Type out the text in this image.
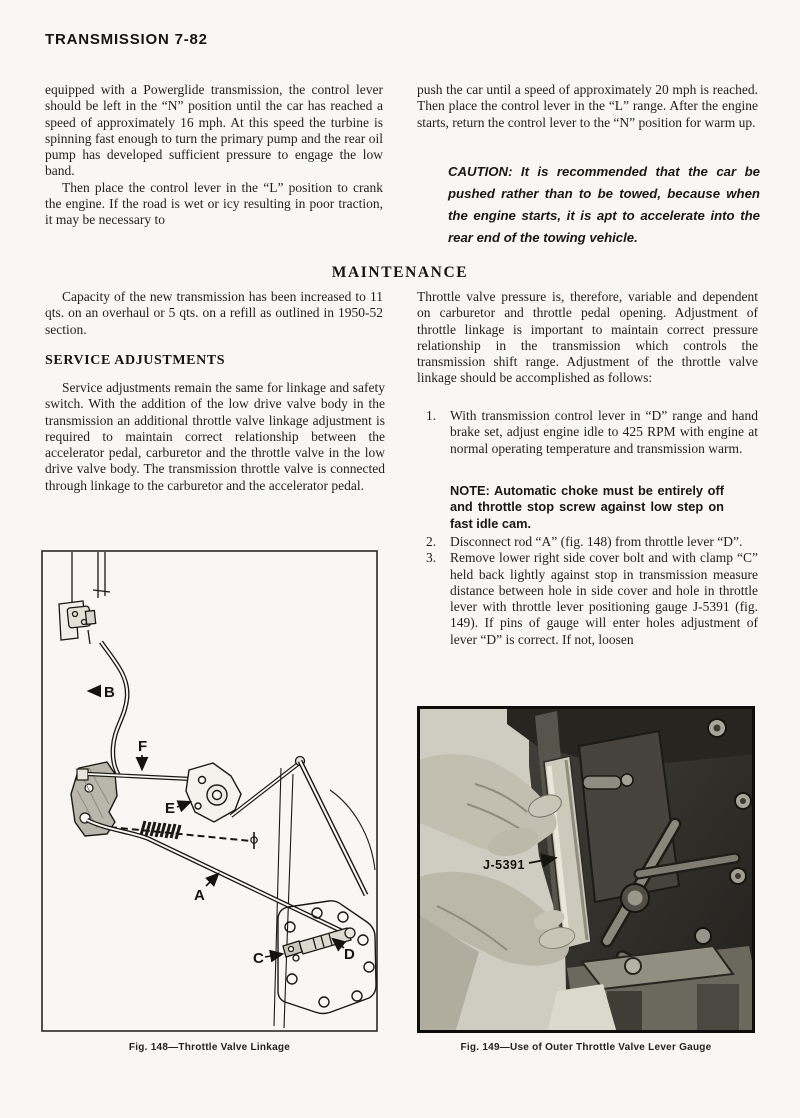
TRANSMISSION 7-82

equipped with a Powerglide transmission, the control lever should be left in the “N” position until the car has reached a speed of approximately 16 mph. At this speed the turbine is spinning fast enough to turn the primary pump and the rear oil pump has developed sufficient pressure to engage the low band.

Then place the control lever in the “L” position to crank the engine. If the road is wet or icy resulting in poor traction, it may be necessary to

push the car until a speed of approximately 20 mph is reached. Then place the control lever in the “L” range. After the engine starts, return the control lever to the “N” position for warm up.

CAUTION: It is recommended that the car be pushed rather than to be towed, because when the engine starts, it is apt to accelerate into the rear end of the towing vehicle.
MAINTENANCE

Capacity of the new transmission has been increased to 11 qts. on an overhaul or 5 qts. on a refill as outlined in 1950-52 section.

SERVICE ADJUSTMENTS

Service adjustments remain the same for linkage and safety switch. With the addition of the low drive valve body in the transmission an additional throttle valve linkage adjustment is required to maintain correct relationship between the accelerator pedal, carburetor and the throttle valve in the low drive valve body. The transmission throttle valve is connected through linkage to the carburetor and the accelerator pedal.

Throttle valve pressure is, therefore, variable and dependent on carburetor and throttle pedal opening. Adjustment of throttle linkage is important to maintain correct pressure relationship in the transmission which controls the transmission shift range. Adjustment of the throttle valve linkage should be accomplished as follows:

1. With transmission control lever in “D” range and hand brake set, adjust engine idle to 425 RPM with engine at normal operating temperature and transmission warm.
NOTE: Automatic choke must be entirely off and throttle stop screw against low step on fast idle cam.
2. Disconnect rod “A” (fig. 148) from throttle lever “D”.
3. Remove lower right side cover bolt and with clamp “C” held back lightly against stop in transmission measure distance between hole in side cover and hole in throttle lever with throttle lever positioning gauge J-5391 (fig. 149). If pins of gauge will enter holes adjustment of lever “D” is correct. If not, loosen
B
F
E
A
C	D
J-5391
Fig. 148—Throttle Valve Linkage	Fig. 149—Use of Outer Throttle Valve Lever Gauge
